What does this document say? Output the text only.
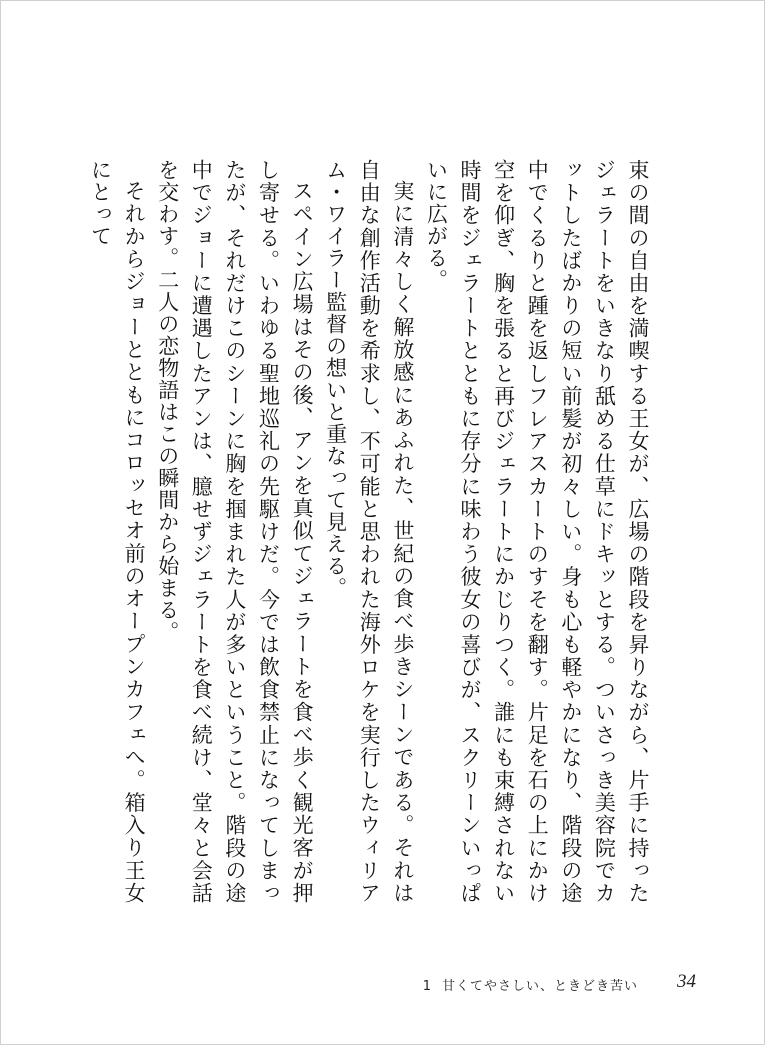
束の間の自由を満喫する王女が、広場の階段を昇りながら、片手に持ったジェラートをいきなり舐める仕草にドキッとする。ついさっき美容院でカットしたばかりの短い前髪が初々しい。身も心も軽やかになり、階段の途中でくるりと踵を返しフレアスカートのすそを翻す。片足を石の上にかけ空を仰ぎ、胸を張ると再びジェラートにかじりつく。誰にも束縛されない時間をジェラートとともに存分に味わう彼女の喜びが、スクリーンいっぱいに広がる。

実に清々しく解放感にあふれた、世紀の食べ歩きシーンである。それは自由な創作活動を希求し、不可能と思われた海外ロケを実行したウィリアム・ワイラー監督の想いと重なって見える。

スペイン広場はその後、アンを真似てジェラートを食べ歩く観光客が押し寄せる。いわゆる聖地巡礼の先駆けだ。今では飲食禁止になってしまったが、それだけこのシーンに胸を掴まれた人が多いということ。階段の途中でジョーに遭遇したアンは、臆せずジェラートを食べ続け、堂々と会話を交わす。二人の恋物語はこの瞬間から始まる。

それからジョーとともにコロッセオ前のオープンカフェへ。箱入り王女にとって

1 甘くてやさしい、ときどき苦い 34
